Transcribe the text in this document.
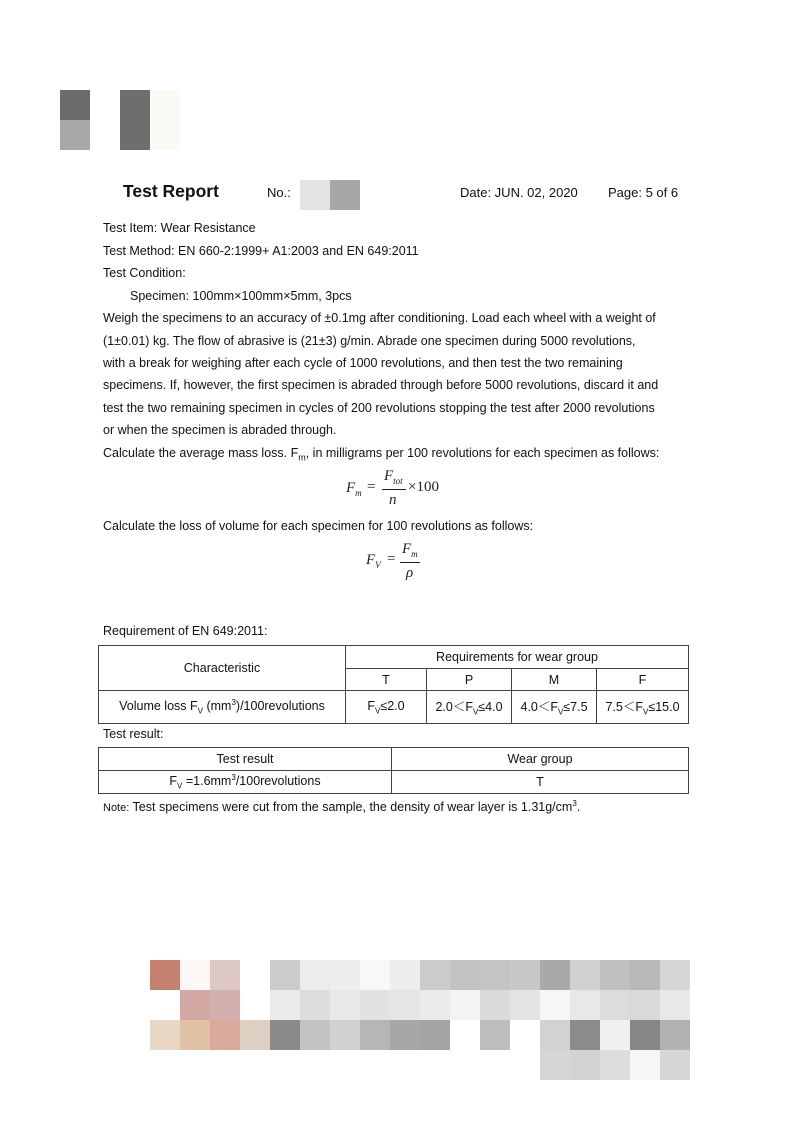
Test Report	No.:	Date: JUN. 02, 2020 Page: 5 of 6
Test Item: Wear Resistance
Test Method: EN 660-2:1999+ A1:2003 and EN 649:2011
Test Condition:
Specimen: 100mm×100mm×5mm, 3pcs
Weigh the specimens to an accuracy of ±0.1mg after conditioning. Load each wheel with a weight of
(1±0.01) kg. The flow of abrasive is (21±3) g/min. Abrade one specimen during 5000 revolutions,
with a break for weighing after each cycle of 1000 revolutions, and then test the two remaining
specimens. If, however, the first specimen is abraded through before 5000 revolutions, discard it and
test the two remaining specimen in cycles of 200 revolutions stopping the test after 2000 revolutions
or when the specimen is abraded through.
Calculate the average mass loss. $F_m$, in milligrams per 100 revolutions for each specimen as follows:
$F_m$ =
$F_{tot}$
n
×100
Calculate the loss of volume for each specimen for 100 revolutions as follows:
$F_V$ =
$F_m$
ρ
Requirement of EN 649:2011:
Characteristic	Requirements for wear group			
	T	P	M	F
Volume loss $F_V$ $(mm^3)/100revolutions$	$F_V\le 2.0$	$2.0<F_V\le 4.0$	$4.0<F_V\le 7.5$	$7.5<F_V\le 15.0$
Test result:
Test result	Wear group
$F_V$ $=1.6mm^3/100revolutions$	T
Note: Test specimens were cut from the sample, the density of wear layer is $1.31g/cm^3$.
